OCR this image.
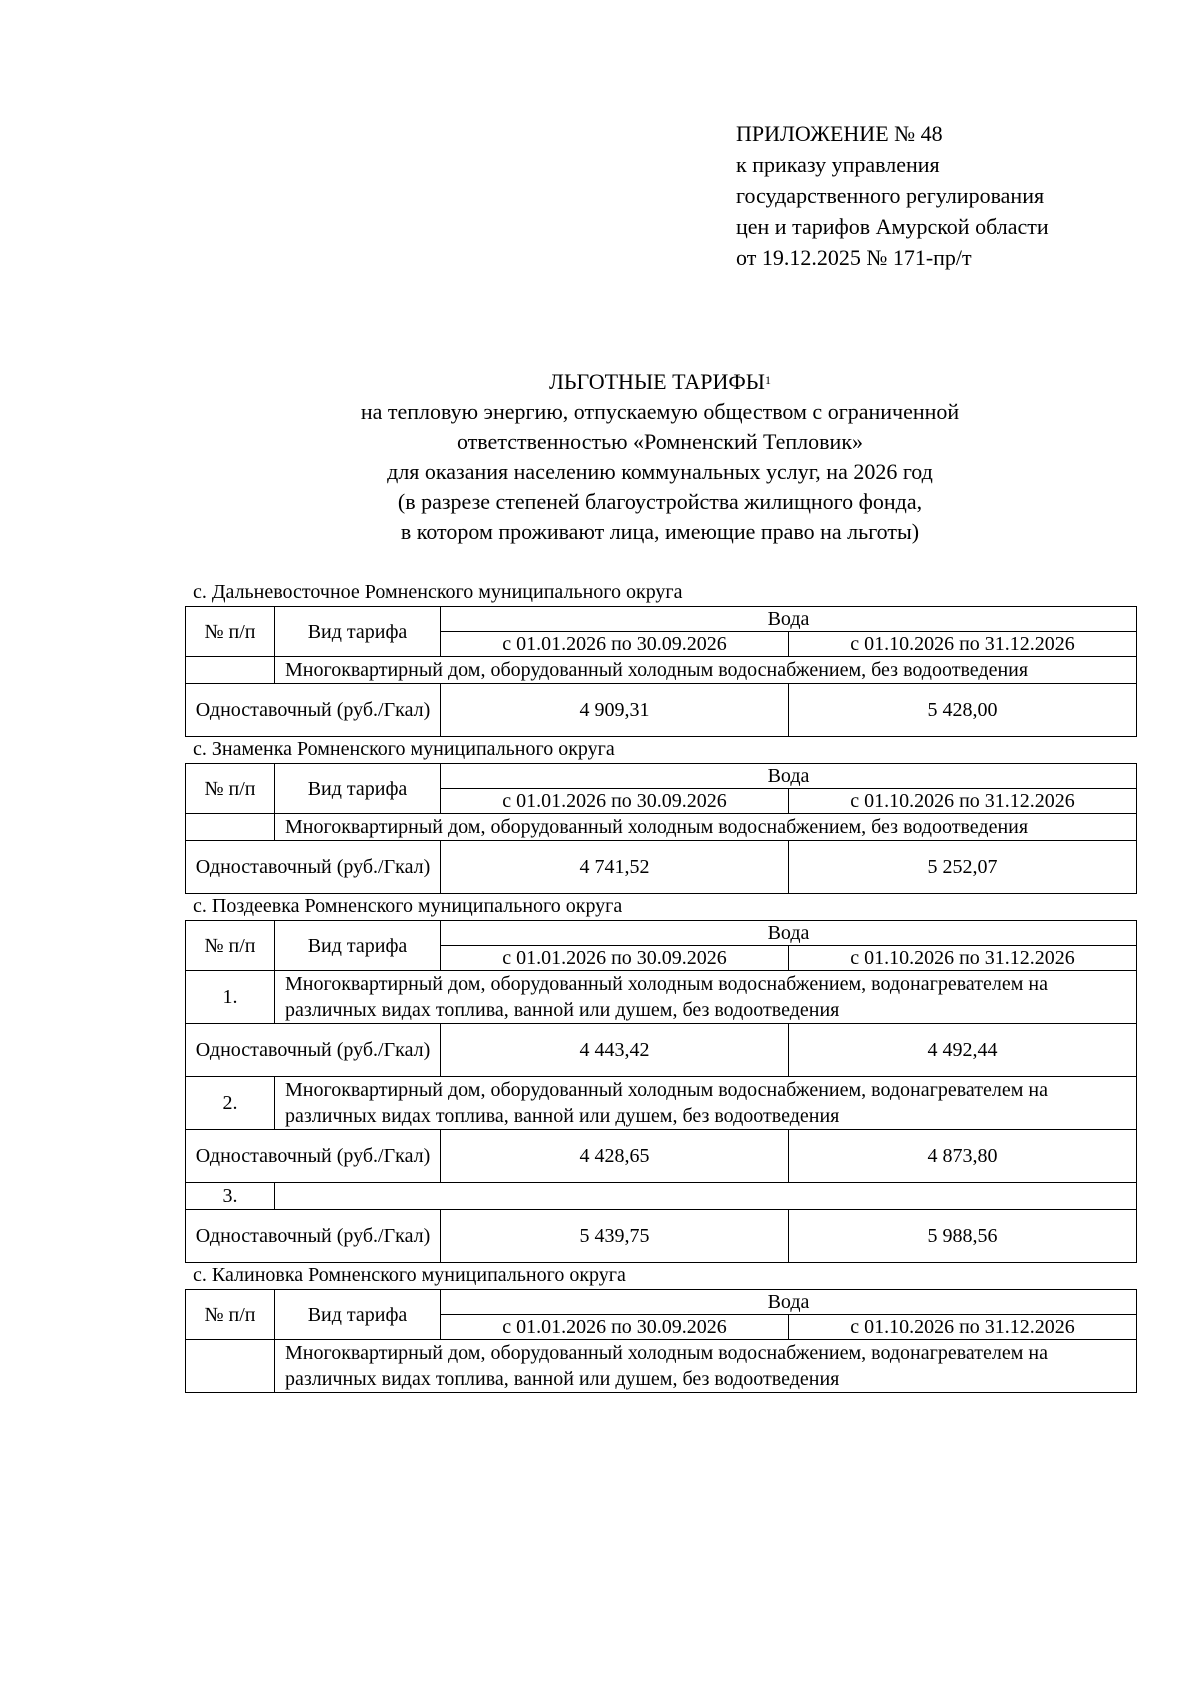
ПРИЛОЖЕНИЕ № 48
к приказу управления
государственного регулирования
цен и тарифов Амурской области
от 19.12.2025 № 171-пр/т
ЛЬГОТНЫЕ ТАРИФЫ$^1$
на тепловую энергию, отпускаемую обществом с ограниченной
ответственностью «Ромненский Тепловик»
для оказания населению коммунальных услуг, на 2026 год
(в разрезе степеней благоустройства жилищного фонда,
в котором проживают лица, имеющие право на льготы)
с. Дальневосточное Ромненского муниципального округа
№ п/п	Вид тарифа	Вода	
		с 01.01.2026 по 30.09.2026	с 01.10.2026 по 31.12.2026
	Многоквартирный дом, оборудованный холодным водоснабжением, без водоотведения		
Одноставочный (руб./Гкал)		4 909,31	5 428,00
с. Знаменка Ромненского муниципального округа
№ п/п	Вид тарифа	Вода	
		с 01.01.2026 по 30.09.2026	с 01.10.2026 по 31.12.2026
	Многоквартирный дом, оборудованный холодным водоснабжением, без водоотведения		
Одноставочный (руб./Гкал)		4 741,52	5 252,07
с. Поздеевка Ромненского муниципального округа
№ п/п	Вид тарифа	Вода	
		с 01.01.2026 по 30.09.2026	с 01.10.2026 по 31.12.2026
1.	Многоквартирный дом, оборудованный холодным водоснабжением, водонагревателем на различных видах топлива, ванной или душем, без водоотведения		
Одноставочный (руб./Гкал)		4 443,42	4 492,44
2.	Многоквартирный дом, оборудованный холодным водоснабжением, водонагревателем на различных видах топлива, ванной или душем, без водоотведения		
Одноставочный (руб./Гкал)		4 428,65	4 873,80
3.			
Одноставочный (руб./Гкал)		5 439,75	5 988,56
с. Калиновка Ромненского муниципального округа
№ п/п	Вид тарифа	Вода	
		с 01.01.2026 по 30.09.2026	с 01.10.2026 по 31.12.2026
	Многоквартирный дом, оборудованный холодным водоснабжением, водонагревателем на различных видах топлива, ванной или душем, без водоотведения		
